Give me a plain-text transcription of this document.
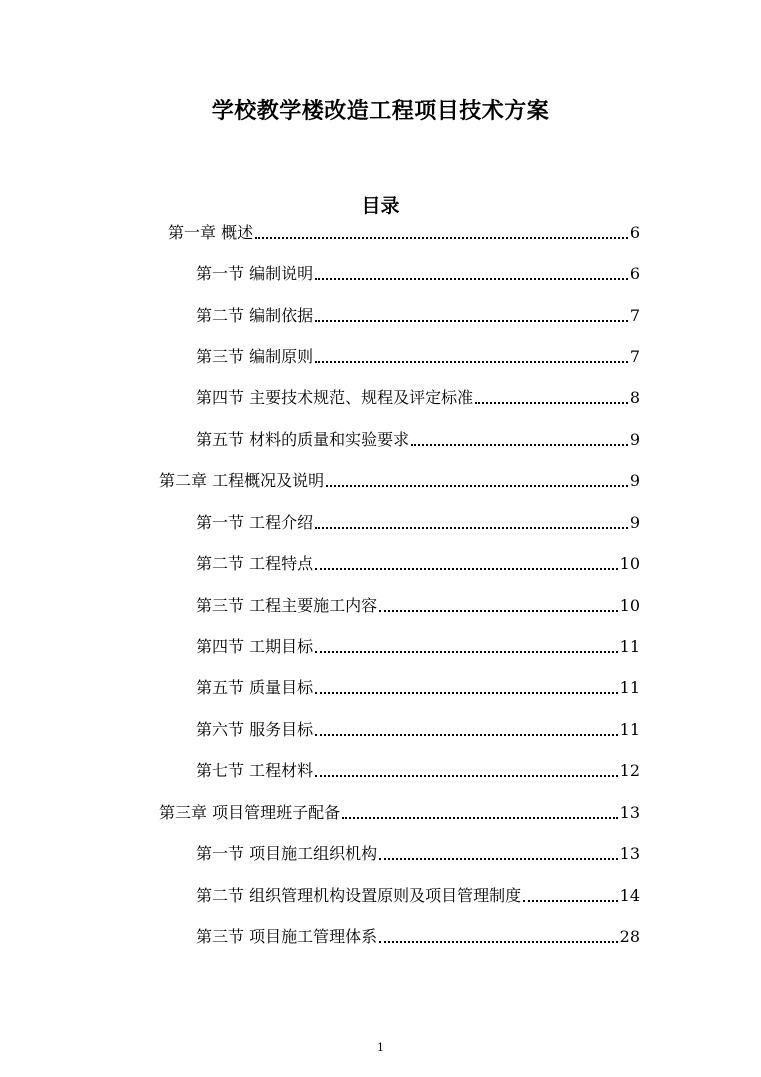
学校教学楼改造工程项目技术方案
目录
第一章 概述	6
第一节 编制说明	6
第二节 编制依据	7
第三节 编制原则	7
第四节 主要技术规范、规程及评定标准	8
第五节 材料的质量和实验要求	9
第二章 工程概况及说明	9
第一节 工程介绍	9
第二节 工程特点	10
第三节 工程主要施工内容	10
第四节 工期目标	11
第五节 质量目标	11
第六节 服务目标	11
第七节 工程材料	12
第三章 项目管理班子配备	13
第一节 项目施工组织机构	13
第二节 组织管理机构设置原则及项目管理制度	14
第三节 项目施工管理体系	28
1
